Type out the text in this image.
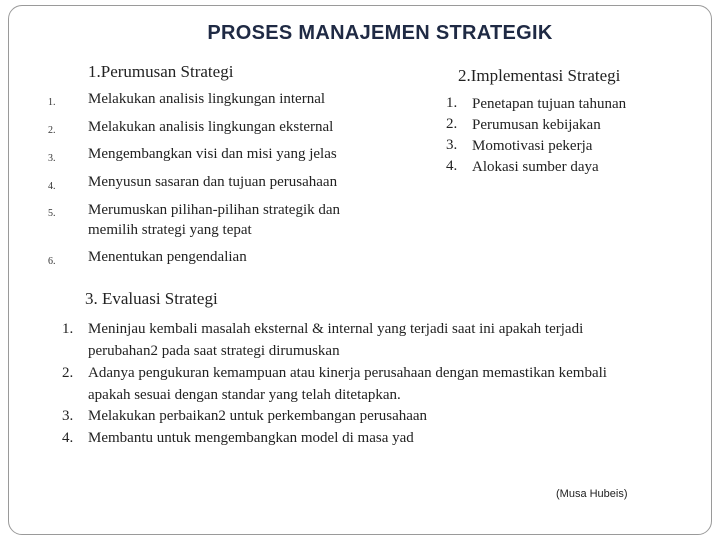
PROSES MANAJEMEN STRATEGIK
1.Perumusan Strategi
1. Melakukan analisis lingkungan internal
2. Melakukan analisis lingkungan eksternal
3. Mengembangkan visi dan misi yang jelas
4. Menyusun sasaran dan tujuan perusahaan
5. Merumuskan pilihan-pilihan strategik dan
memilih strategi yang tepat
6. Menentukan pengendalian
2.Implementasi Strategi
1. Penetapan tujuan tahunan
2. Perumusan kebijakan
3. Momotivasi pekerja
4. Alokasi sumber daya
3. Evaluasi Strategi
1. Meninjau kembali masalah eksternal & internal yang terjadi saat ini apakah terjadi
perubahan2 pada saat strategi dirumuskan
2. Adanya pengukuran kemampuan atau kinerja perusahaan dengan memastikan kembali
apakah sesuai dengan standar yang telah ditetapkan.
3. Melakukan perbaikan2 untuk perkembangan perusahaan
4. Membantu untuk mengembangkan model di masa yad
(Musa Hubeis)
